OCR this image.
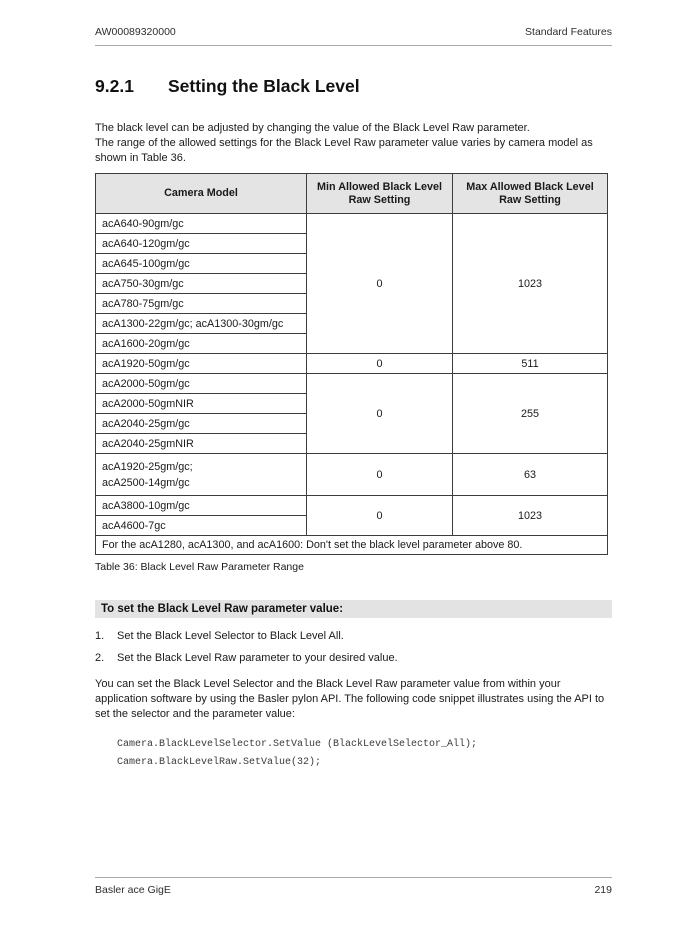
AW00089320000	Standard Features
9.2.1	Setting the Black Level
The black level can be adjusted by changing the value of the Black Level Raw parameter.
The range of the allowed settings for the Black Level Raw parameter value varies by camera model as shown in Table 36.
Camera Model	Min Allowed Black Level Raw Setting	Max Allowed Black Level Raw Setting
acA640-90gm/gc	0	1023
acA640-120gm/gc		
acA645-100gm/gc		
acA750-30gm/gc		
acA780-75gm/gc		
acA1300-22gm/gc; acA1300-30gm/gc		
acA1600-20gm/gc		
acA1920-50gm/gc	0	511
acA2000-50gm/gc	0	255
acA2000-50gmNIR		
acA2040-25gm/gc		
acA2040-25gmNIR		

acA1920-25gm/gc;
acA2500-14gm/gc	0	63
acA3800-10gm/gc	0	1023
acA4600-7gc		
For the acA1280, acA1300, and acA1600: Don't set the black level parameter above 80.		
Table 36: Black Level Raw Parameter Range
To set the Black Level Raw parameter value:
1.	Set the Black Level Selector to Black Level All.
2.	Set the Black Level Raw parameter to your desired value.
You can set the Black Level Selector and the Black Level Raw parameter value from within your application software by using the Basler pylon API. The following code snippet illustrates using the API to set the selector and the parameter value:
Camera.BlackLevelSelector.SetValue (BlackLevelSelector_All);
Camera.BlackLevelRaw.SetValue(32);
Basler ace GigE	219
